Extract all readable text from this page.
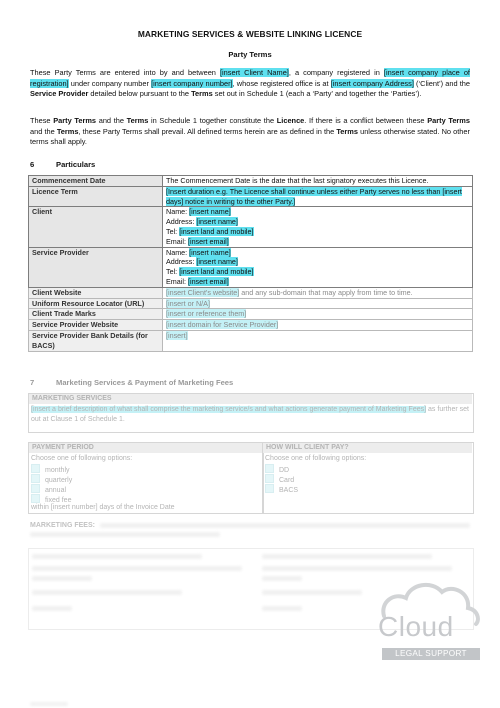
MARKETING SERVICES & WEBSITE LINKING LICENCE
Party Terms
These Party Terms are entered into by and between [insert Client Name], a company registered in [insert company place of registration] under company number [insert company number], whose registered office is at [insert company Address] (‘Client’) and the Service Provider detailed below pursuant to the Terms set out in Schedule 1 (each a ‘Party’ and together the ‘Parties’).
These Party Terms and the Terms in Schedule 1 together constitute the Licence. If there is a conflict between these Party Terms and the Terms, these Party Terms shall prevail. All defined terms herein are as defined in the Terms unless otherwise stated. No other terms shall apply.
6	Particulars
Commencement Date	The Commencement Date is the date that the last signatory executes this Licence.
Licence Term	[Insert duration e.g. The Licence shall continue unless either Party serves no less than [insert days] notice in writing to the other Party.]
Client	Name: [insert name]
Address: [insert name]
Tel: [insert land and mobile]
Email: [insert email]

Service Provider	Name: [insert name]
Address: [insert name]
Tel: [insert land and mobile]
Email: [insert email]

Client Website	[insert Client's website] and any sub-domain that may apply from time to time.
Uniform Resource Locator (URL)	[insert or N/A]
Client Trade Marks	[insert or reference them]
Service Provider Website	[insert domain for Service Provider]
Service Provider Bank Details (for BACS)	[insert]
7	Marketing Services & Payment of Marketing Fees
MARKETING SERVICES
[insert a brief description of what shall comprise the marketing service/s and what actions generate payment of Marketing Fees] as further set out at Clause 1 of Schedule 1.
PAYMENT PERIOD
Choose one of following options:
monthly
quarterly
annual
fixed fee
within [insert number] days of the Invoice Date
HOW WILL CLIENT PAY?
Choose one of following options:
DD
Card
BACS
MARKETING FEES:
Cloud
LEGAL SUPPORT
